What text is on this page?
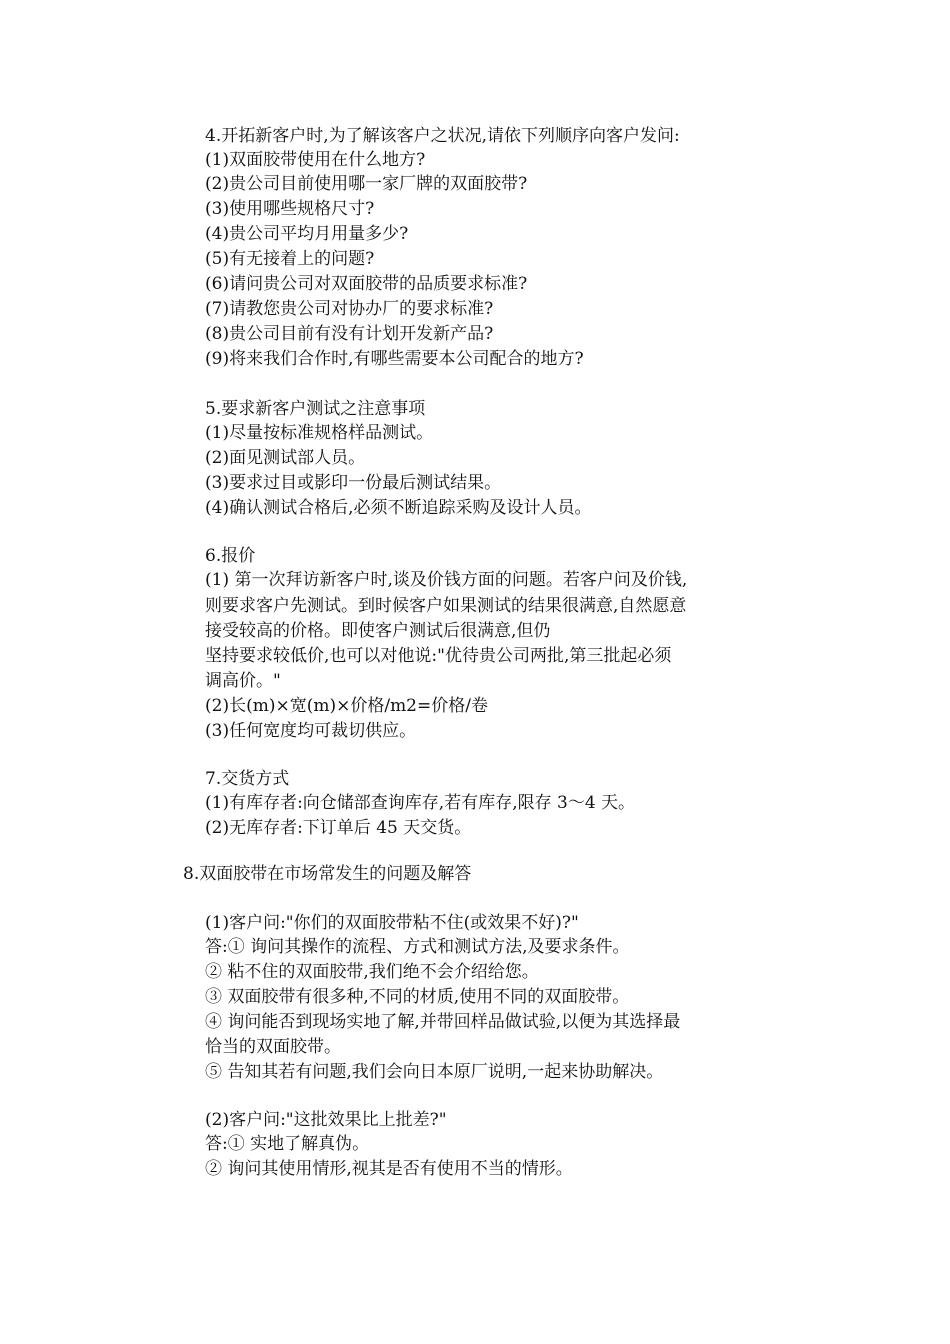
4.开拓新客户时,为了解该客户之状况,请依下列顺序向客户发问:
(1)双面胶带使用在什么地方?
(2)贵公司目前使用哪一家厂牌的双面胶带?
(3)使用哪些规格尺寸?
(4)贵公司平均月用量多少?
(5)有无接着上的问题?
(6)请问贵公司对双面胶带的品质要求标准?
(7)请教您贵公司对协办厂的要求标准?
(8)贵公司目前有没有计划开发新产品?
(9)将来我们合作时,有哪些需要本公司配合的地方?
5.要求新客户测试之注意事项
(1)尽量按标准规格样品测试。
(2)面见测试部人员。
(3)要求过目或影印一份最后测试结果。
(4)确认测试合格后,必须不断追踪采购及设计人员。
6.报价
(1) 第一次拜访新客户时,谈及价钱方面的问题。若客户问及价钱,
则要求客户先测试。到时候客户如果测试的结果很满意,自然愿意
接受较高的价格。即使客户测试后很满意,但仍
坚持要求较低价,也可以对他说:"优待贵公司两批,第三批起必须
调高价。"
(2)长(m)×宽(m)×价格/m2=价格/卷
(3)任何宽度均可裁切供应。
7.交货方式
(1)有库存者:向仓储部查询库存,若有库存,限存 3～4 天。
(2)无库存者:下订单后 45 天交货。
8.双面胶带在市场常发生的问题及解答
(1)客户问:"你们的双面胶带粘不住(或效果不好)?"
答:① 询问其操作的流程、方式和测试方法,及要求条件。
② 粘不住的双面胶带,我们绝不会介绍给您。
③ 双面胶带有很多种,不同的材质,使用不同的双面胶带。
④ 询问能否到现场实地了解,并带回样品做试验,以便为其选择最
恰当的双面胶带。
⑤ 告知其若有问题,我们会向日本原厂说明,一起来协助解决。
(2)客户问:"这批效果比上批差?"
答:① 实地了解真伪。
② 询问其使用情形,视其是否有使用不当的情形。
